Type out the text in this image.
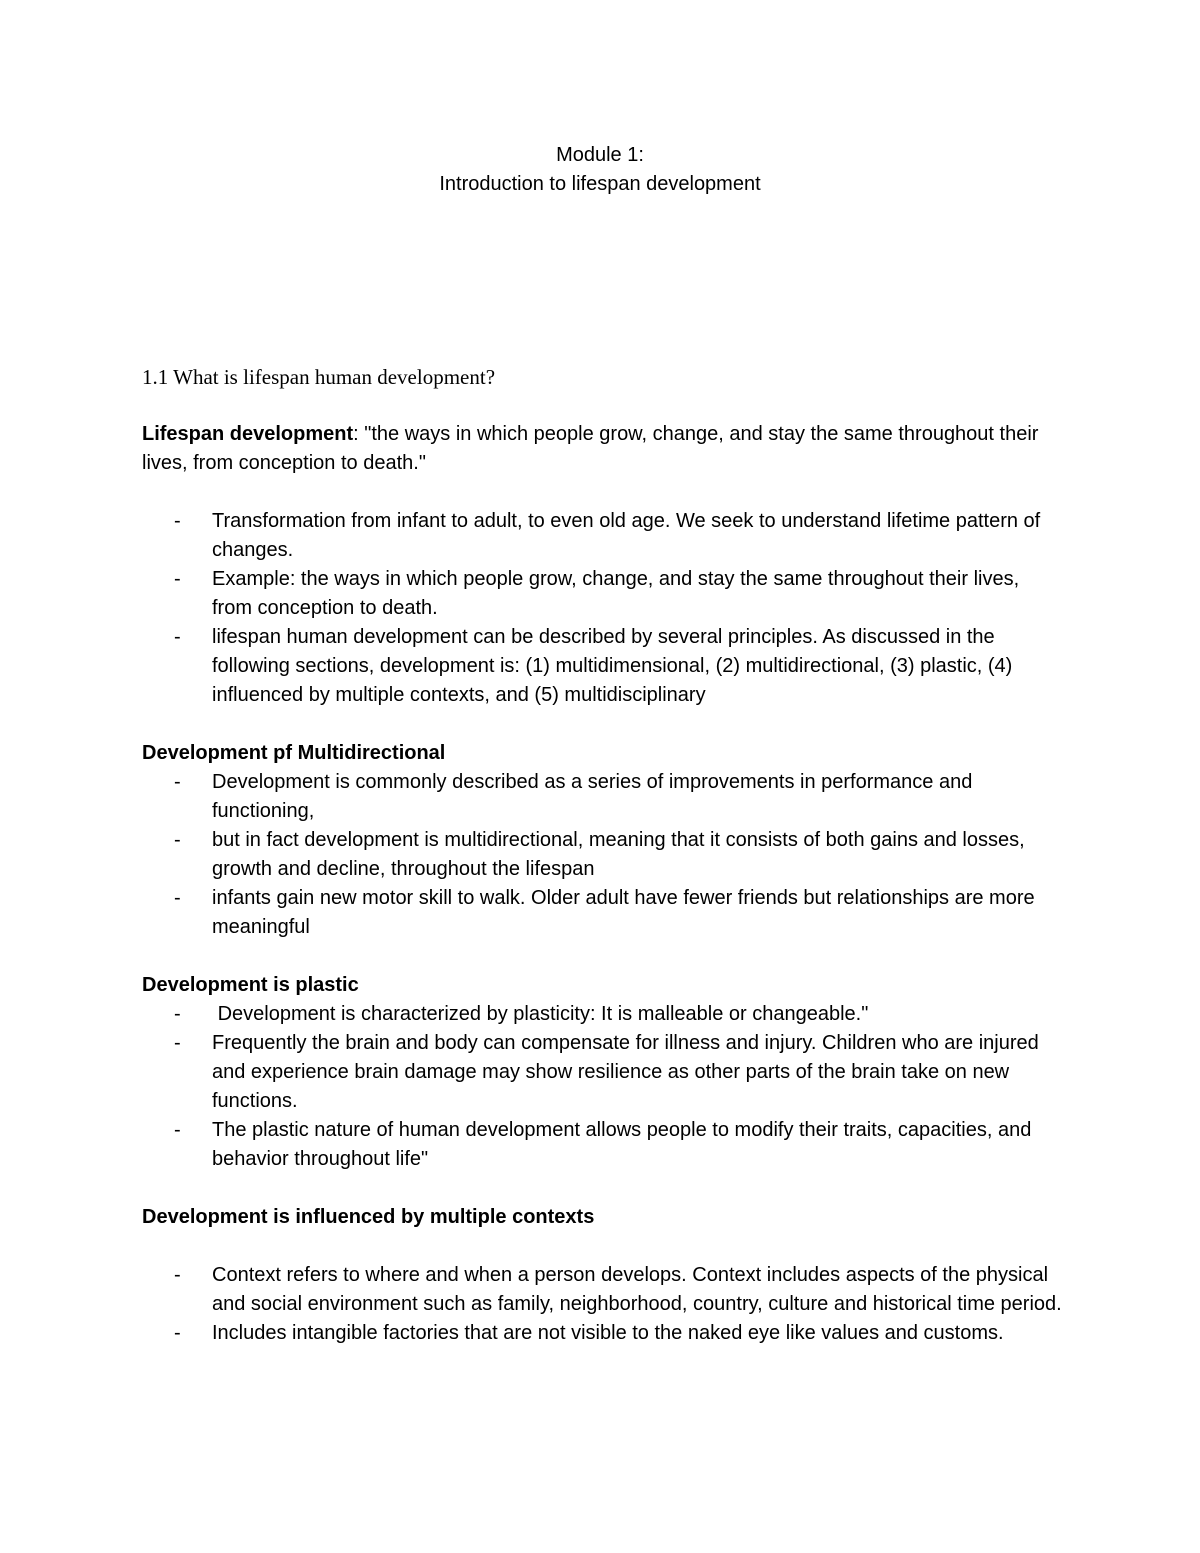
Module 1:
Introduction to lifespan development
1.1 What is lifespan human development?

Lifespan development: "the ways in which people grow, change, and stay the same throughout their lives, from conception to death."

- Transformation from infant to adult, to even old age. We seek to understand lifetime pattern of changes.
- Example: the ways in which people grow, change, and stay the same throughout their lives, from conception to death.
- lifespan human development can be described by several principles. As discussed in the following sections, development is: (1) multidimensional, (2) multidirectional, (3) plastic, (4) influenced by multiple contexts, and (5) multidisciplinary

Development pf Multidirectional

- Development is commonly described as a series of improvements in performance and functioning,
- but in fact development is multidirectional, meaning that it consists of both gains and losses, growth and decline, throughout the lifespan
- infants gain new motor skill to walk. Older adult have fewer friends but relationships are more meaningful

Development is plastic

- Development is characterized by plasticity: It is malleable or changeable."
- Frequently the brain and body can compensate for illness and injury. Children who are injured and experience brain damage may show resilience as other parts of the brain take on new functions.
- The plastic nature of human development allows people to modify their traits, capacities, and behavior throughout life"

Development is influenced by multiple contexts

- Context refers to where and when a person develops. Context includes aspects of the physical and social environment such as family, neighborhood, country, culture and historical time period.
- Includes intangible factories that are not visible to the naked eye like values and customs.
